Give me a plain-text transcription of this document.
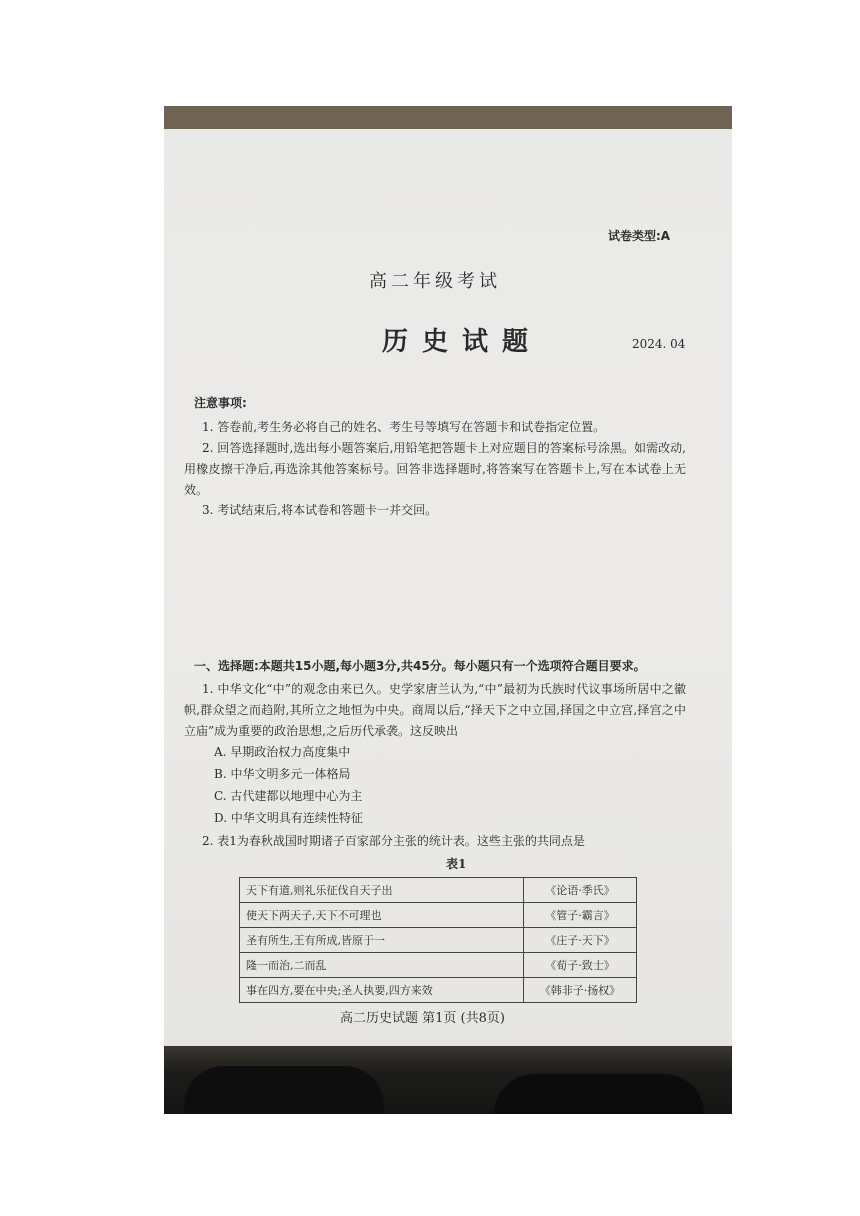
试卷类型:A
高二年级考试
历史试题	2024. 04
注意事项:
1. 答卷前,考生务必将自己的姓名、考生号等填写在答题卡和试卷指定位置。
2. 回答选择题时,选出每小题答案后,用铅笔把答题卡上对应题目的答案标号涂黑。如需改动,用橡皮擦干净后,再选涂其他答案标号。回答非选择题时,将答案写在答题卡上,写在本试卷上无效。
3. 考试结束后,将本试卷和答题卡一并交回。
一、选择题:本题共15小题,每小题3分,共45分。每小题只有一个选项符合题目要求。
1. 中华文化“中”的观念由来已久。史学家唐兰认为,“中”最初为氏族时代议事场所居中之徽帜,群众望之而趋附,其所立之地恒为中央。商周以后,“择天下之中立国,择国之中立宫,择宫之中立庙”成为重要的政治思想,之后历代承袭。这反映出
A. 早期政治权力高度集中
B. 中华文明多元一体格局
C. 古代建都以地理中心为主
D. 中华文明具有连续性特征
2. 表1为春秋战国时期诸子百家部分主张的统计表。这些主张的共同点是
表1
天下有道,则礼乐征伐自天子出	《论语·季氏》
使天下两天子,天下不可理也	《管子·霸言》
圣有所生,王有所成,皆原于一	《庄子·天下》
隆一而治,二而乱	《荀子·致士》
事在四方,要在中央;圣人执要,四方来效	《韩非子·扬权》
高二历史试题 第1页 (共8页)
